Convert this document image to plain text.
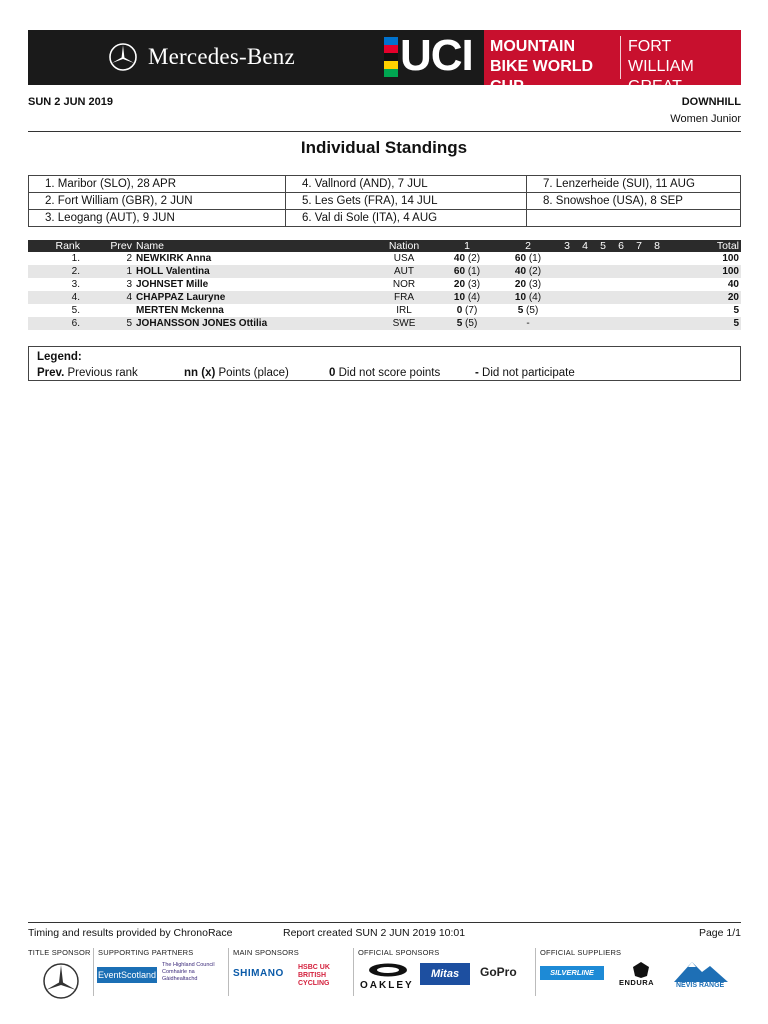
Mercedes-Benz UCI MOUNTAIN BIKE WORLD CUP
FORT WILLIAM GREAT BRITAIN
SUN 2 JUN 2019	DOWNHILL
Women Junior
Individual Standings
1. Maribor (SLO), 28 APR	4. Vallnord (AND), 7 JUL	7. Lenzerheide (SUI), 11 AUG
2. Fort William (GBR), 2 JUN	5. Les Gets (FRA), 14 JUL	8. Snowshoe (USA), 8 SEP
3. Leogang (AUT), 9 JUN	6. Val di Sole (ITA), 4 AUG	
Rank	Prev	Name	Nation	1	2	3	4	5	6	7	8	Total
1.	2	NEWKIRK Anna	USA	40 (2)	60 (1)							100
2.	1	HOLL Valentina	AUT	60 (1)	40 (2)							100
3.	3	JOHNSET Mille	NOR	20 (3)	20 (3)							40
4.	4	CHAPPAZ Lauryne	FRA	10 (4)	10 (4)							20
5.		MERTEN Mckenna	IRL	0 (7)	5 (5)							5
6.	5	JOHANSSON JONES Ottilia	SWE	5 (5)	-							5
Legend:
Prev. Previous rank	nn (x) Points (place)	0 Did not score points	- Did not participate
Timing and results provided by ChronoRace	Report created SUN 2 JUN 2019 10:01	Page 1/1
TITLE SPONSOR SUPPORTING PARTNERS	MAIN SPONSORS	OFFICIAL SPONSORS	OFFICIAL SUPPLIERS
EventScotland
The Highland Council Comhairle na Gàidhealtachd	SHIMANO
HSBC UK BRITISH CYCLING	OAKLEY
Mitas	GoPro	SILVERLINE
ENDURA	NEVIS RANGE
